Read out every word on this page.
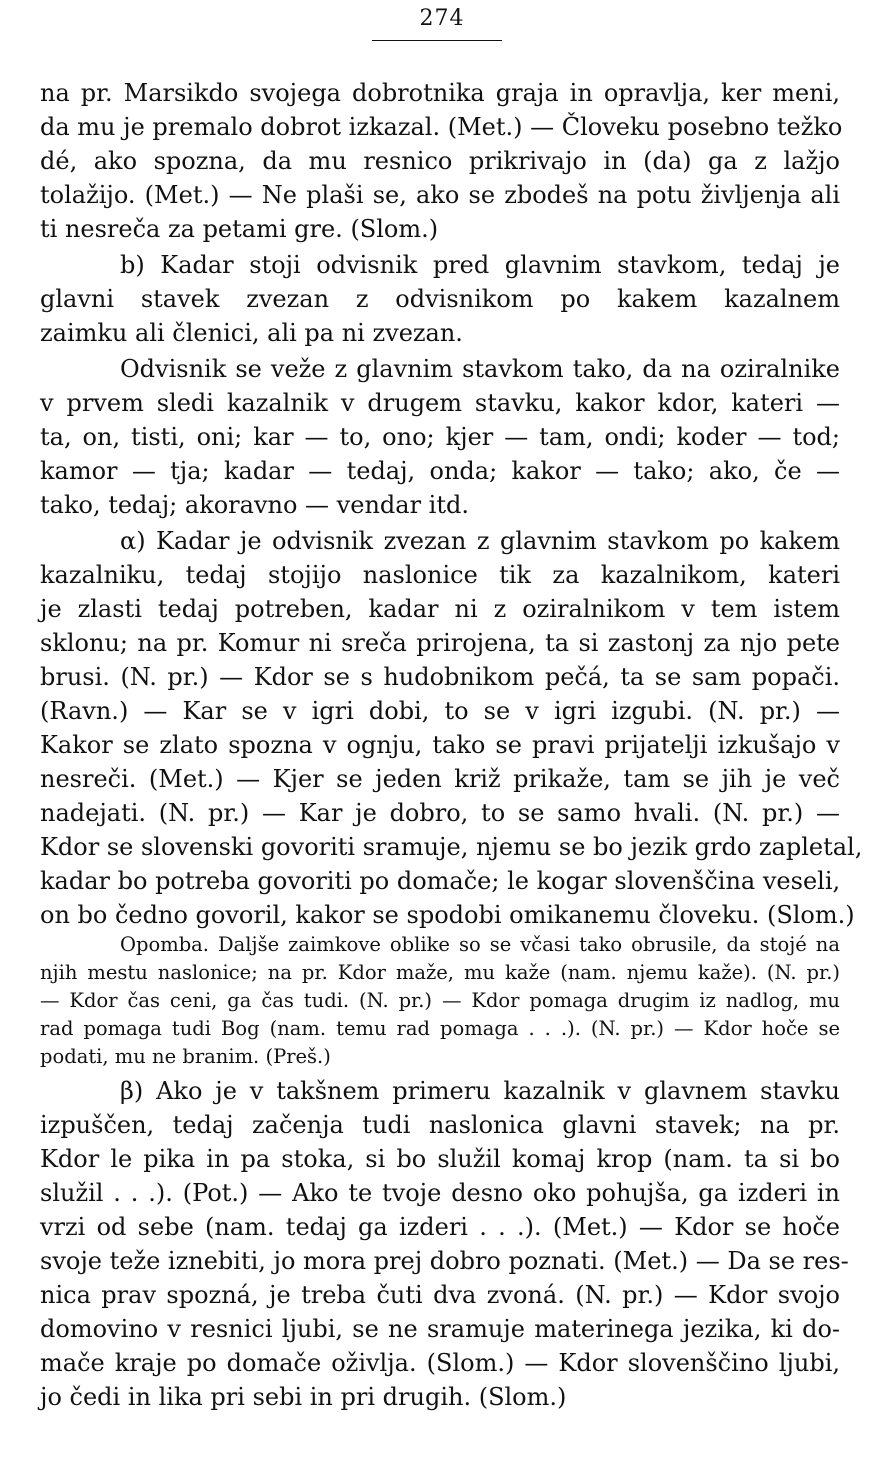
274

na pr. Marsikdo svojega dobrotnika graja in opravlja, ker meni,

da mu je premalo dobrot izkazal. (Met.) — Človeku posebno težko

dé, ako spozna, da mu resnico prikrivajo in (da) ga z lažjo

tolažijo. (Met.) — Ne plaši se, ako se zbodeš na potu življenja ali

ti nesreča za petami gre. (Slom.)

b) Kadar stoji odvisnik pred glavnim stavkom, tedaj je

glavni stavek zvezan z odvisnikom po kakem kazalnem

zaimku ali členici, ali pa ni zvezan.

Odvisnik se veže z glavnim stavkom tako, da na oziralnike

v prvem sledi kazalnik v drugem stavku, kakor kdor, kateri —

ta, on, tisti, oni; kar — to, ono; kjer — tam, ondi; koder — tod;

kamor — tja; kadar — tedaj, onda; kakor — tako; ako, če —

tako, tedaj; akoravno — vendar itd.

α) Kadar je odvisnik zvezan z glavnim stavkom po kakem

kazalniku, tedaj stojijo naslonice tik za kazalnikom, kateri

je zlasti tedaj potreben, kadar ni z oziralnikom v tem istem

sklonu; na pr. Komur ni sreča prirojena, ta si zastonj za njo pete

brusi. (N. pr.) — Kdor se s hudobnikom pečá, ta se sam popači.

(Ravn.) — Kar se v igri dobi, to se v igri izgubi. (N. pr.) —

Kakor se zlato spozna v ognju, tako se pravi prijatelji izkušajo v

nesreči. (Met.) — Kjer se jeden križ prikaže, tam se jih je več

nadejati. (N. pr.) — Kar je dobro, to se samo hvali. (N. pr.) —

Kdor se slovenski govoriti sramuje, njemu se bo jezik grdo zapletal,

kadar bo potreba govoriti po domače; le kogar slovenščina veseli,

on bo čedno govoril, kakor se spodobi omikanemu človeku. (Slom.)

Opomba. Daljše zaimkove oblike so se včasi tako obrusile, da stojé na

njih mestu naslonice; na pr. Kdor maže, mu kaže (nam. njemu kaže). (N. pr.)

— Kdor čas ceni, ga čas tudi. (N. pr.) — Kdor pomaga drugim iz nadlog, mu

rad pomaga tudi Bog (nam. temu rad pomaga . . .). (N. pr.) — Kdor hoče se

podati, mu ne branim. (Preš.)

β) Ako je v takšnem primeru kazalnik v glavnem stavku

izpuščen, tedaj začenja tudi naslonica glavni stavek; na pr.

Kdor le pika in pa stoka, si bo služil komaj krop (nam. ta si bo

služil . . .). (Pot.) — Ako te tvoje desno oko pohujša, ga izderi in

vrzi od sebe (nam. tedaj ga izderi . . .). (Met.) — Kdor se hoče

svoje teže iznebiti, jo mora prej dobro poznati. (Met.) — Da se res-

nica prav spozná, je treba čuti dva zvoná. (N. pr.) — Kdor svojo

domovino v resnici ljubi, se ne sramuje materinega jezika, ki do-

mače kraje po domače oživlja. (Slom.) — Kdor slovenščino ljubi,

jo čedi in lika pri sebi in pri drugih. (Slom.)
